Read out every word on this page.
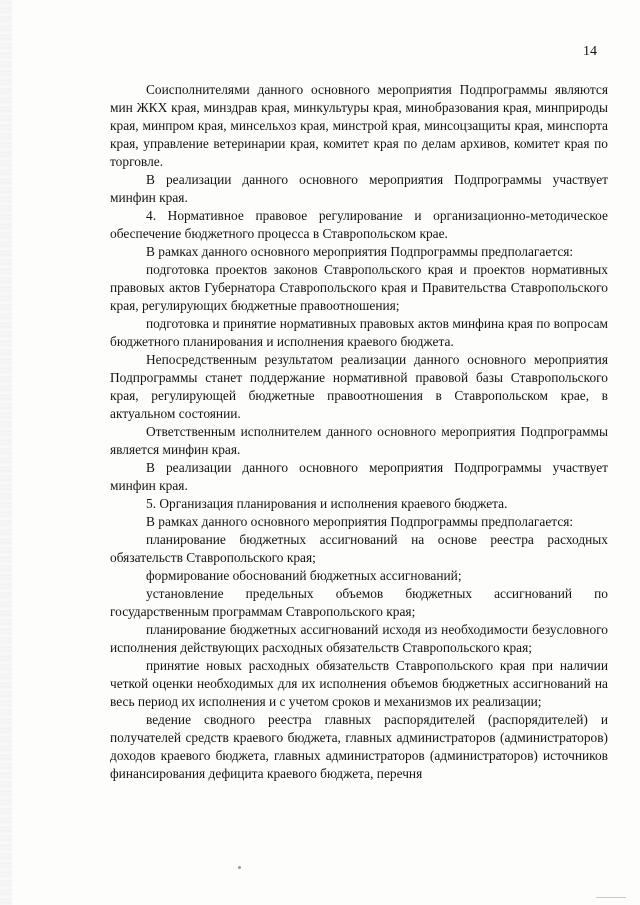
14

Соисполнителями данного основного мероприятия Подпрограммы являются мин ЖКХ края, минздрав края, минкультуры края, минобразования края, минприроды края, минпром края, минсельхоз края, минстрой края, минсоцзащиты края, минспорта края, управление ветеринарии края, комитет края по делам архивов, комитет края по торговле.

В реализации данного основного мероприятия Подпрограммы участвует минфин края.

4. Нормативное правовое регулирование и организационно-методическое обеспечение бюджетного процесса в Ставропольском крае.

В рамках данного основного мероприятия Подпрограммы предполагается:

подготовка проектов законов Ставропольского края и проектов нормативных правовых актов Губернатора Ставропольского края и Правительства Ставропольского края, регулирующих бюджетные правоотношения;

подготовка и принятие нормативных правовых актов минфина края по вопросам бюджетного планирования и исполнения краевого бюджета.

Непосредственным результатом реализации данного основного мероприятия Подпрограммы станет поддержание нормативной правовой базы Ставропольского края, регулирующей бюджетные правоотношения в Ставропольском крае, в актуальном состоянии.

Ответственным исполнителем данного основного мероприятия Подпрограммы является минфин края.

В реализации данного основного мероприятия Подпрограммы участвует минфин края.

5. Организация планирования и исполнения краевого бюджета.

В рамках данного основного мероприятия Подпрограммы предполагается:

планирование бюджетных ассигнований на основе реестра расходных обязательств Ставропольского края;

формирование обоснований бюджетных ассигнований;

установление предельных объемов бюджетных ассигнований по государственным программам Ставропольского края;

планирование бюджетных ассигнований исходя из необходимости безусловного исполнения действующих расходных обязательств Ставропольского края;

принятие новых расходных обязательств Ставропольского края при наличии четкой оценки необходимых для их исполнения объемов бюджетных ассигнований на весь период их исполнения и с учетом сроков и механизмов их реализации;

ведение сводного реестра главных распорядителей (распорядителей) и получателей средств краевого бюджета, главных администраторов (администраторов) доходов краевого бюджета, главных администраторов (администраторов) источников финансирования дефицита краевого бюджета, перечня
